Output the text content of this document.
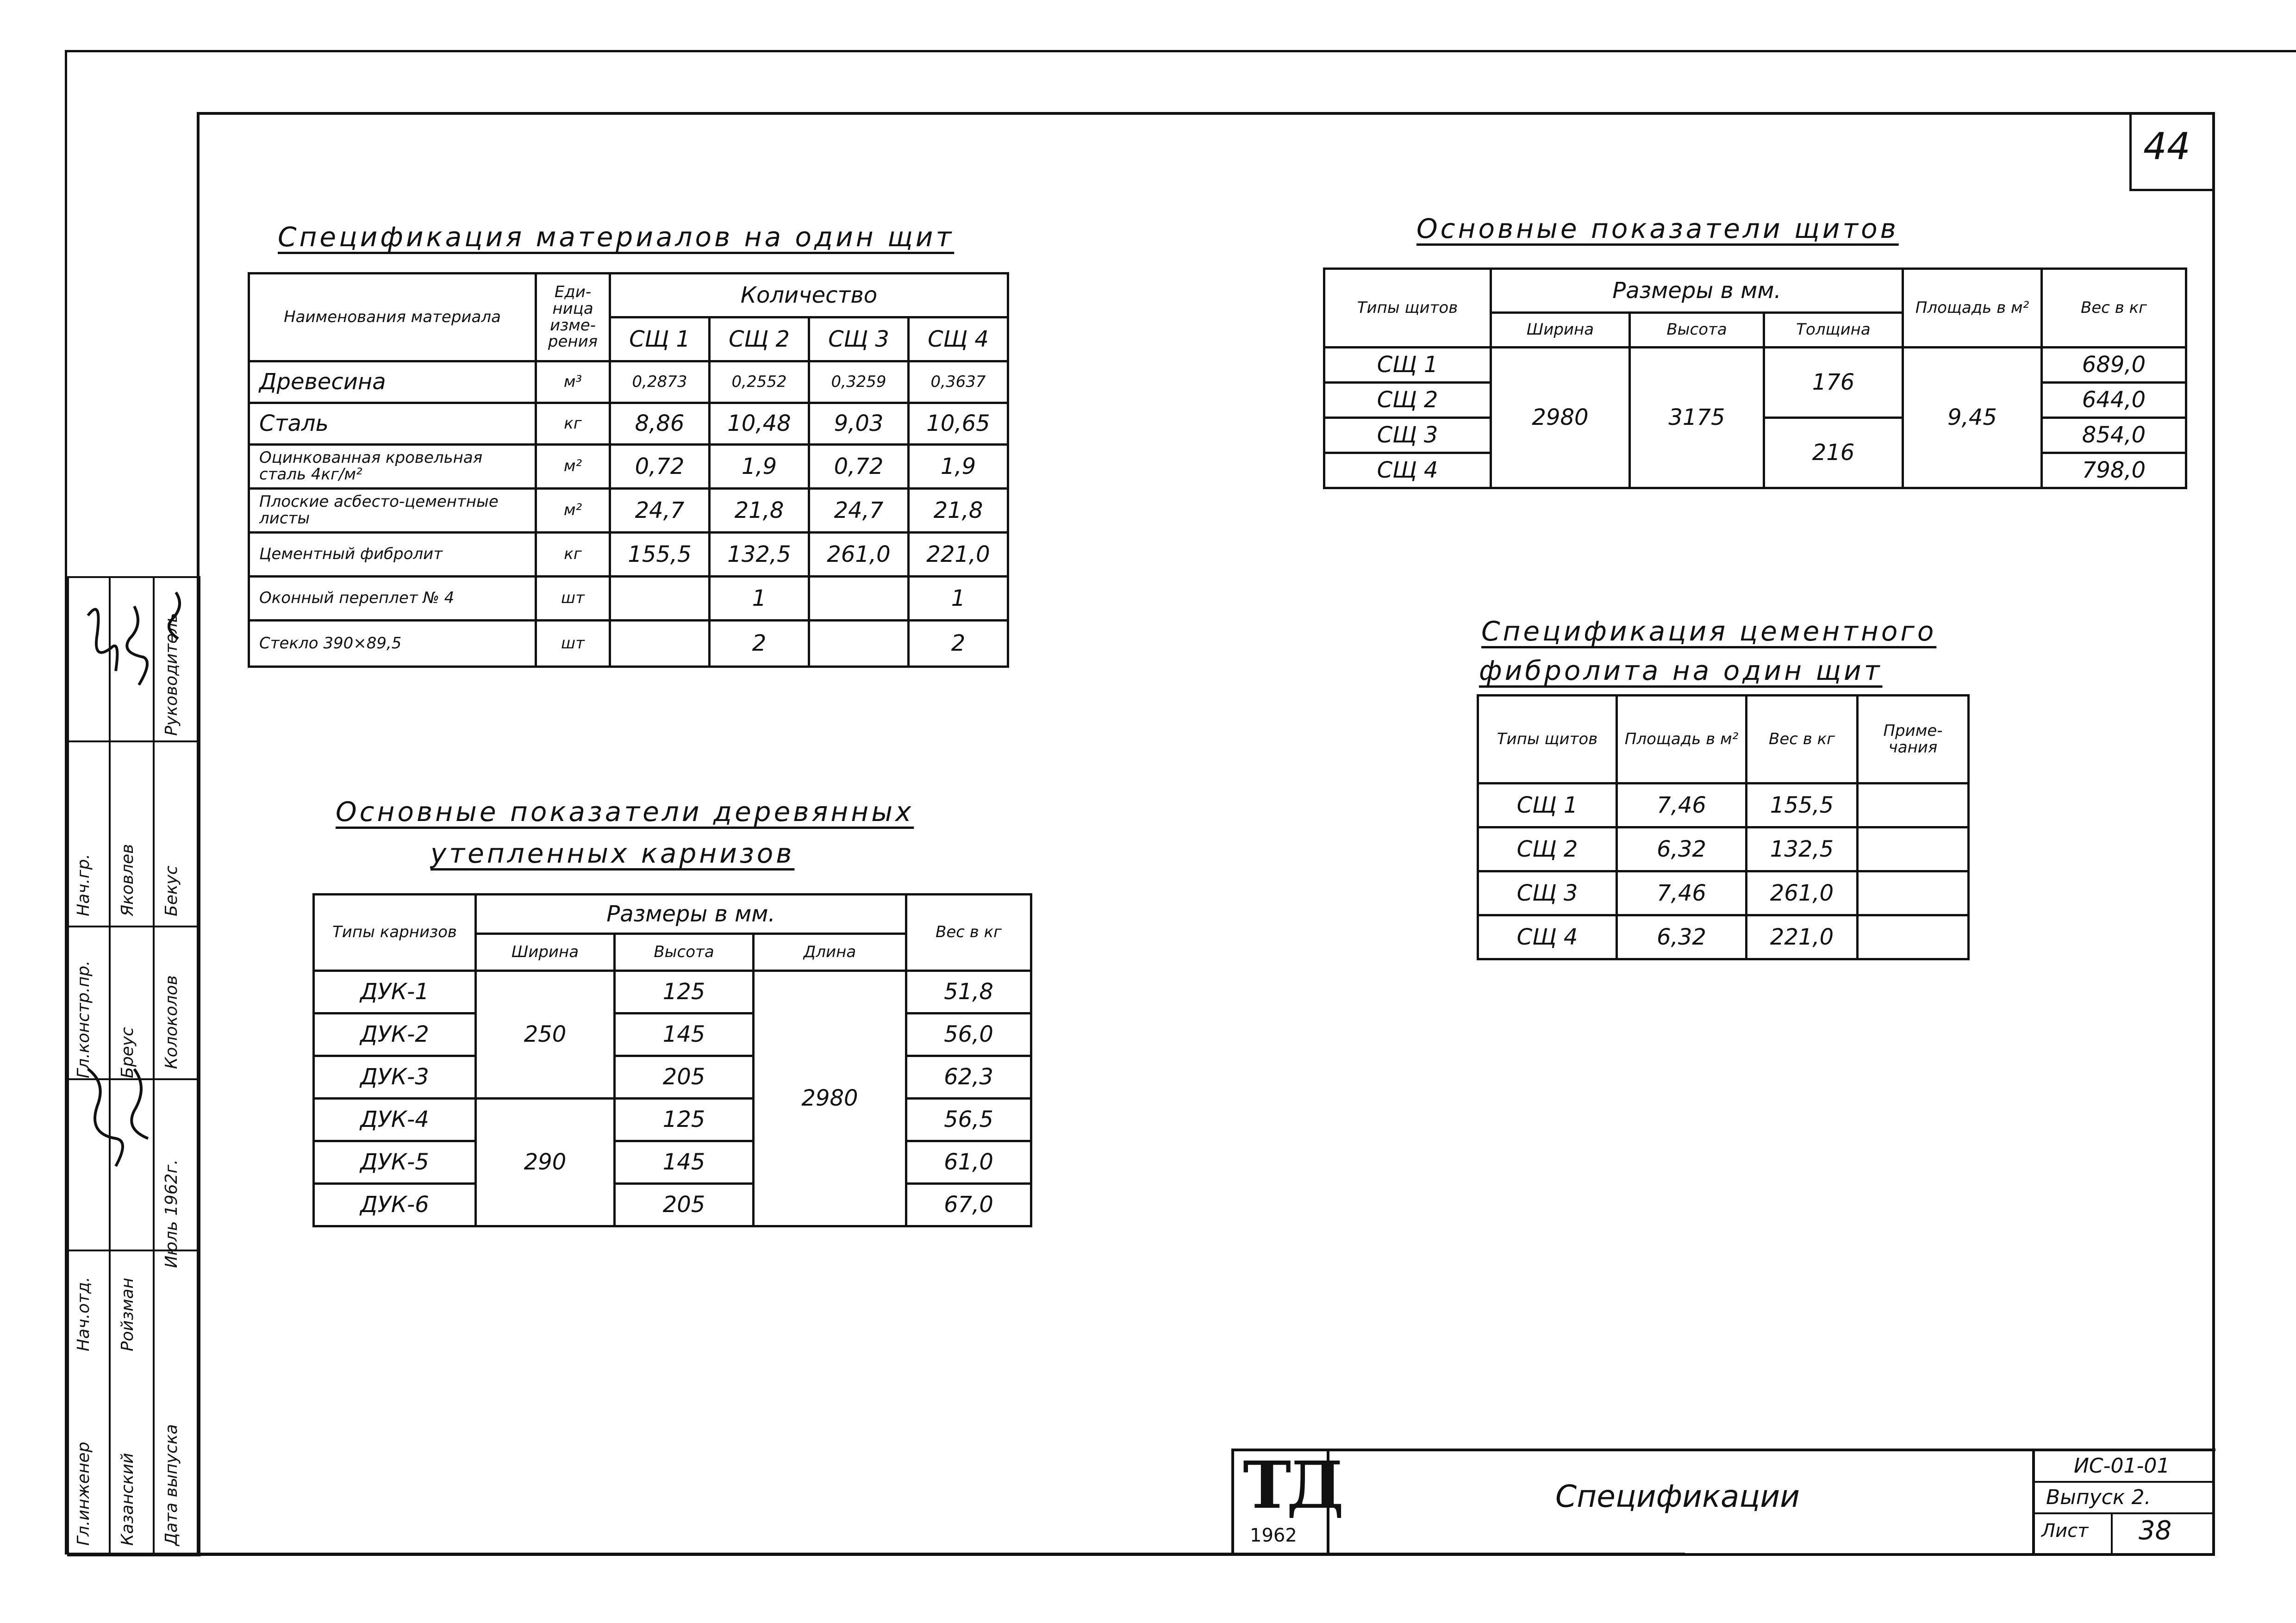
44
Спецификация материалов на один щит
Наименования материала	Еди-ница изме-рения	Количество			
		СЩ 1	СЩ 2	СЩ 3	СЩ 4
Древесина	м³	0,2873	0,2552	0,3259	0,3637
Сталь	кг	8,86	10,48	9,03	10,65
Оцинкованная кровельная сталь 4кг/м²	м²	0,72	1,9	0,72	1,9
Плоские асбесто-цементные листы	м²	24,7	21,8	24,7	21,8
Цементный фибролит	кг	155,5	132,5	261,0	221,0
Оконный переплет № 4	шт		1		1
Стекло 390×89,5	шт		2		2
Основные показатели деревянных
утепленных карнизов
Типы карнизов	Размеры в мм.			Вес в кг
	Ширина	Высота	Длина	
ДУК-1	250	125	2980	51,8
ДУК-2		145		56,0
ДУК-3		205		62,3
ДУК-4	290	125		56,5
ДУК-5		145		61,0
ДУК-6		205		67,0
Основные показатели щитов
Типы щитов	Размеры в мм.			Площадь в м²	Вес в кг
	Ширина	Высота	Толщина		
СЩ 1	2980	3175	176	9,45	689,0
СЩ 2					644,0
СЩ 3			216		854,0
СЩ 4					798,0
Спецификация цементного
фибролита на один щит
Типы щитов	Площадь в м²	Вес в кг	Приме-чания
СЩ 1	7,46	155,5	
СЩ 2	6,32	132,5	
СЩ 3	7,46	261,0	
СЩ 4	6,32	221,0	
ТД
1962
Спецификации
ИС-01-01
Выпуск 2.
Лист 38
Гл.инженер
Нач.отд.
Гл.констр.пр.
Нач.гр.
Казанский
Ройзман
Бреус
Яковлев
Дата выпуска
Июль 1962г.
Колоколов
Бекус
Руководитель
